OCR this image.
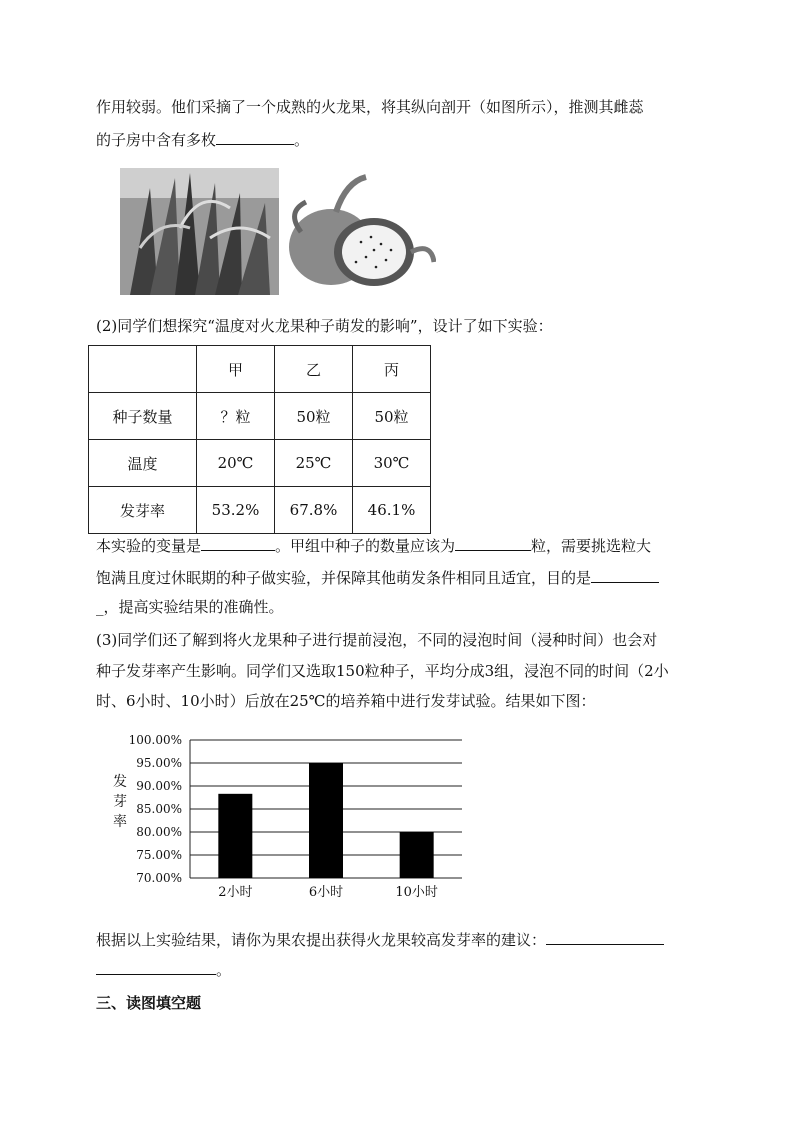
作用较弱。他们采摘了一个成熟的火龙果，将其纵向剖开（如图所示），推测其雌蕊
的子房中含有多枚	。
(2)同学们想探究“温度对火龙果种子萌发的影响”，设计了如下实验：
	甲	乙	丙
种子数量	？粒	50粒	50粒
温度	20℃	25℃	30℃
发芽率	53.2%	67.8%	46.1%
本实验的变量是	。甲组中种子的数量应该为	粒，需要挑选粒大
饱满且度过休眠期的种子做实验，并保障其他萌发条件相同且适宜，目的是
_，提高实验结果的准确性。
(3)同学们还了解到将火龙果种子进行提前浸泡，不同的浸泡时间（浸种时间）也会对
种子发芽率产生影响。同学们又选取150粒种子，平均分成3组，浸泡不同的时间（2小
时、6小时、10小时）后放在25℃的培养箱中进行发芽试验。结果如下图：
70.00%
75.00%
80.00%
85.00%
90.00%
95.00%
100.00%
2小时	6小时	10小时
发
芽
率
根据以上实验结果，请你为果农提出获得火龙果较高发芽率的建议：
。
三、读图填空题
